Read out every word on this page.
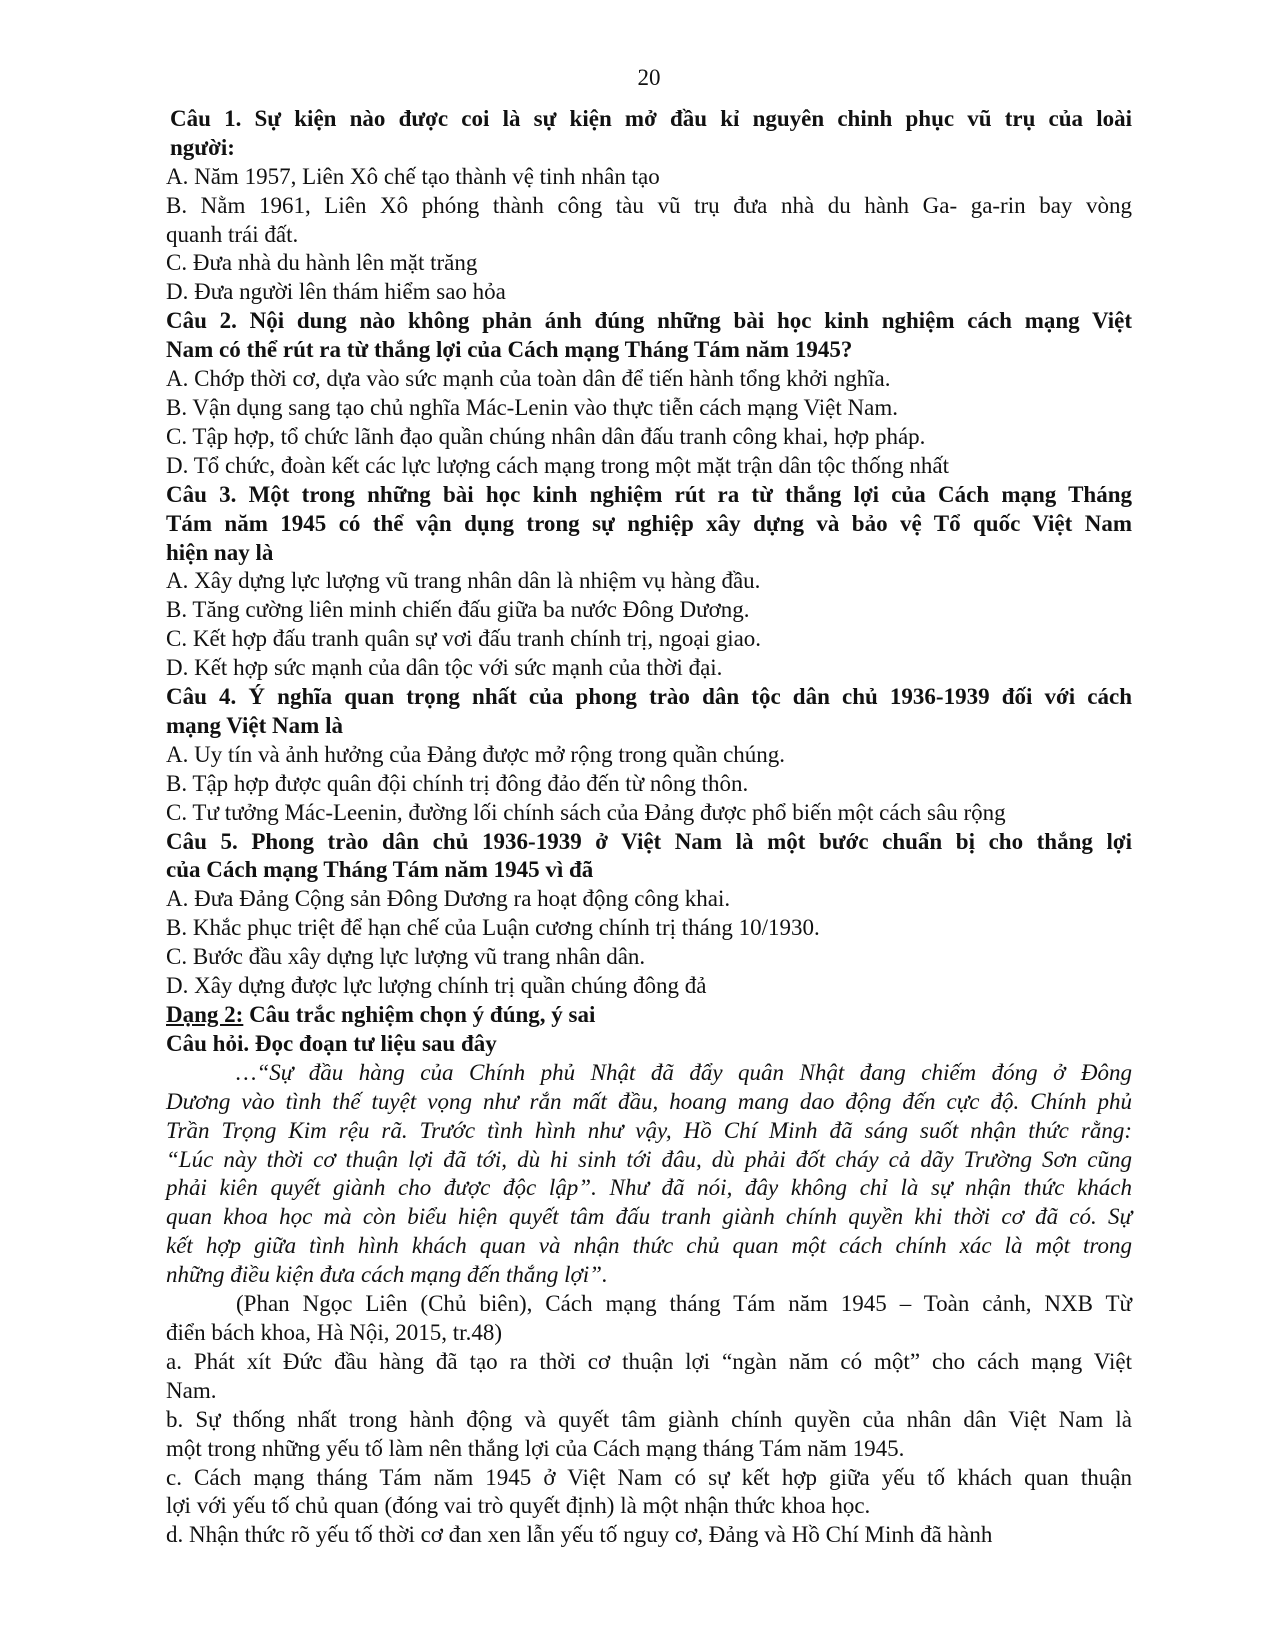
20

Câu 1. Sự kiện nào được coi là sự kiện mở đầu kỉ nguyên chinh phục vũ trụ của loài

người:

A. Năm 1957, Liên Xô chế tạo thành vệ tinh nhân tạo

B. Nằm 1961, Liên Xô phóng thành công tàu vũ trụ đưa nhà du hành Ga- ga-rin bay vòng

quanh trái đất.

C. Đưa nhà du hành lên mặt trăng

D. Đưa người lên thám hiểm sao hỏa

Câu 2. Nội dung nào không phản ánh đúng những bài học kinh nghiệm cách mạng Việt

Nam có thể rút ra từ thắng lợi của Cách mạng Tháng Tám năm 1945?

A. Chớp thời cơ, dựa vào sức mạnh của toàn dân để tiến hành tổng khởi nghĩa.

B. Vận dụng sang tạo chủ nghĩa Mác-Lenin vào thực tiễn cách mạng Việt Nam.

C. Tập hợp, tổ chức lãnh đạo quần chúng nhân dân đấu tranh công khai, hợp pháp.

D. Tổ chức, đoàn kết các lực lượng cách mạng trong một mặt trận dân tộc thống nhất

Câu 3. Một trong những bài học kinh nghiệm rút ra từ thắng lợi của Cách mạng Tháng

Tám năm 1945 có thể vận dụng trong sự nghiệp xây dựng và bảo vệ Tổ quốc Việt Nam

hiện nay là

A. Xây dựng lực lượng vũ trang nhân dân là nhiệm vụ hàng đầu.

B. Tăng cường liên minh chiến đấu giữa ba nước Đông Dương.

C. Kết hợp đấu tranh quân sự vơi đấu tranh chính trị, ngoại giao.

D. Kết hợp sức mạnh của dân tộc với sức mạnh của thời đại.

Câu 4. Ý nghĩa quan trọng nhất của phong trào dân tộc dân chủ 1936-1939 đối với cách

mạng Việt Nam là

A. Uy tín và ảnh hưởng của Đảng được mở rộng trong quần chúng.

B. Tập hợp được quân đội chính trị đông đảo đến từ nông thôn.

C. Tư tưởng Mác-Leenin, đường lối chính sách của Đảng được phổ biến một cách sâu rộng

Câu 5. Phong trào dân chủ 1936-1939 ở Việt Nam là một bước chuẩn bị cho thắng lợi

của Cách mạng Tháng Tám năm 1945 vì đã

A. Đưa Đảng Cộng sản Đông Dương ra hoạt động công khai.

B. Khắc phục triệt để hạn chế của Luận cương chính trị tháng 10/1930.

C. Bước đầu xây dựng lực lượng vũ trang nhân dân.

D. Xây dựng được lực lượng chính trị quần chúng đông đả

Dạng 2: Câu trắc nghiệm chọn ý đúng, ý sai

Câu hỏi. Đọc đoạn tư liệu sau đây

…“Sự đầu hàng của Chính phủ Nhật đã đẩy quân Nhật đang chiếm đóng ở Đông

Dương vào tình thế tuyệt vọng như rắn mất đầu, hoang mang dao động đến cực độ. Chính phủ

Trần Trọng Kim rệu rã. Trước tình hình như vậy, Hồ Chí Minh đã sáng suốt nhận thức rằng:

“Lúc này thời cơ thuận lợi đã tới, dù hi sinh tới đâu, dù phải đốt cháy cả dãy Trường Sơn cũng

phải kiên quyết giành cho được độc lập”. Như đã nói, đây không chỉ là sự nhận thức khách

quan khoa học mà còn biểu hiện quyết tâm đấu tranh giành chính quyền khi thời cơ đã có. Sự

kết hợp giữa tình hình khách quan và nhận thức chủ quan một cách chính xác là một trong

những điều kiện đưa cách mạng đến thắng lợi”.

(Phan Ngọc Liên (Chủ biên), Cách mạng tháng Tám năm 1945 – Toàn cảnh, NXB Từ

điển bách khoa, Hà Nội, 2015, tr.48)

a. Phát xít Đức đầu hàng đã tạo ra thời cơ thuận lợi “ngàn năm có một” cho cách mạng Việt

Nam.

b. Sự thống nhất trong hành động và quyết tâm giành chính quyền của nhân dân Việt Nam là

một trong những yếu tố làm nên thắng lợi của Cách mạng tháng Tám năm 1945.

c. Cách mạng tháng Tám năm 1945 ở Việt Nam có sự kết hợp giữa yếu tố khách quan thuận

lợi với yếu tố chủ quan (đóng vai trò quyết định) là một nhận thức khoa học.

d. Nhận thức rõ yếu tố thời cơ đan xen lẫn yếu tố nguy cơ, Đảng và Hồ Chí Minh đã hành
